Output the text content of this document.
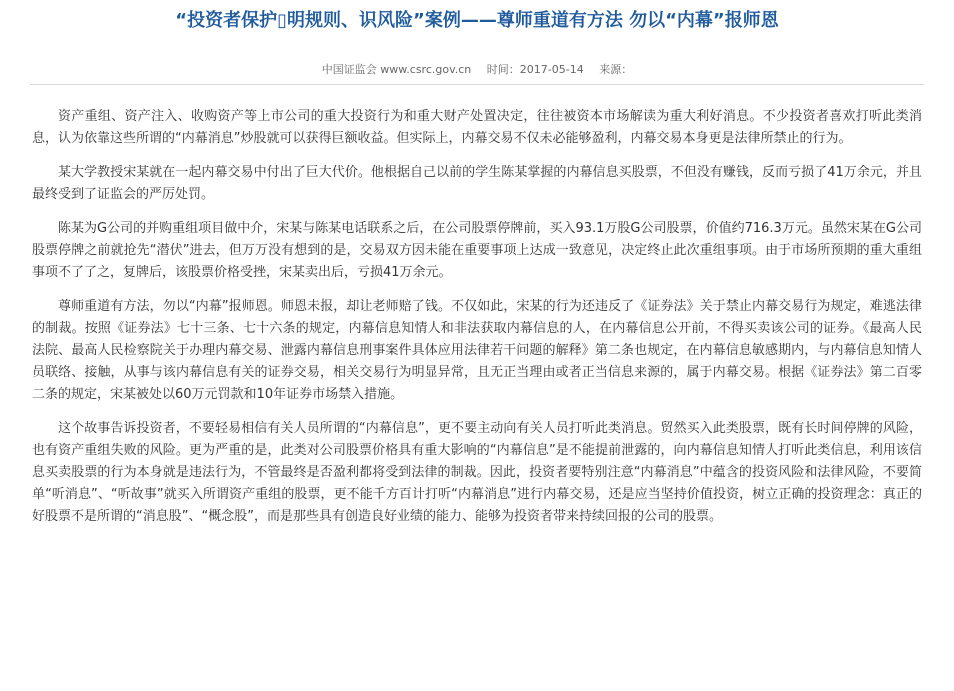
“投资者保护▯明规则、识风险”案例——尊师重道有方法 勿以“内幕”报师恩
中国证监会 www.csrc.gov.cn 时间：2017-05-14 来源：

资产重组、资产注入、收购资产等上市公司的重大投资行为和重大财产处置决定，往往被资本市场解读为重大利好消息。不少投资者喜欢打听此类消息，认为依靠这些所谓的“内幕消息”炒股就可以获得巨额收益。但实际上，内幕交易不仅未必能够盈利，内幕交易本身更是法律所禁止的行为。

某大学教授宋某就在一起内幕交易中付出了巨大代价。他根据自己以前的学生陈某掌握的内幕信息买股票，不但没有赚钱，反而亏损了41万余元，并且最终受到了证监会的严厉处罚。

陈某为G公司的并购重组项目做中介，宋某与陈某电话联系之后，在公司股票停牌前，买入93.1万股G公司股票，价值约716.3万元。虽然宋某在G公司股票停牌之前就抢先“潜伏”进去，但万万没有想到的是，交易双方因未能在重要事项上达成一致意见，决定终止此次重组事项。由于市场所预期的重大重组事项不了了之，复牌后，该股票价格受挫，宋某卖出后，亏损41万余元。

尊师重道有方法，勿以“内幕”报师恩。师恩未报，却让老师赔了钱。不仅如此，宋某的行为还违反了《证券法》关于禁止内幕交易行为规定，难逃法律的制裁。按照《证券法》七十三条、七十六条的规定，内幕信息知情人和非法获取内幕信息的人，在内幕信息公开前，不得买卖该公司的证券。《最高人民法院、最高人民检察院关于办理内幕交易、泄露内幕信息刑事案件具体应用法律若干问题的解释》第二条也规定，在内幕信息敏感期内，与内幕信息知情人员联络、接触，从事与该内幕信息有关的证券交易，相关交易行为明显异常，且无正当理由或者正当信息来源的，属于内幕交易。根据《证券法》第二百零二条的规定，宋某被处以60万元罚款和10年证券市场禁入措施。

这个故事告诉投资者，不要轻易相信有关人员所谓的“内幕信息”，更不要主动向有关人员打听此类消息。贸然买入此类股票，既有长时间停牌的风险，也有资产重组失败的风险。更为严重的是，此类对公司股票价格具有重大影响的“内幕信息”是不能提前泄露的，向内幕信息知情人打听此类信息，利用该信息买卖股票的行为本身就是违法行为，不管最终是否盈利都将受到法律的制裁。因此，投资者要特别注意“内幕消息”中蕴含的投资风险和法律风险，不要简单“听消息”、“听故事”就买入所谓资产重组的股票，更不能千方百计打听“内幕消息”进行内幕交易，还是应当坚持价值投资，树立正确的投资理念：真正的好股票不是所谓的“消息股”、“概念股”，而是那些具有创造良好业绩的能力、能够为投资者带来持续回报的公司的股票。
